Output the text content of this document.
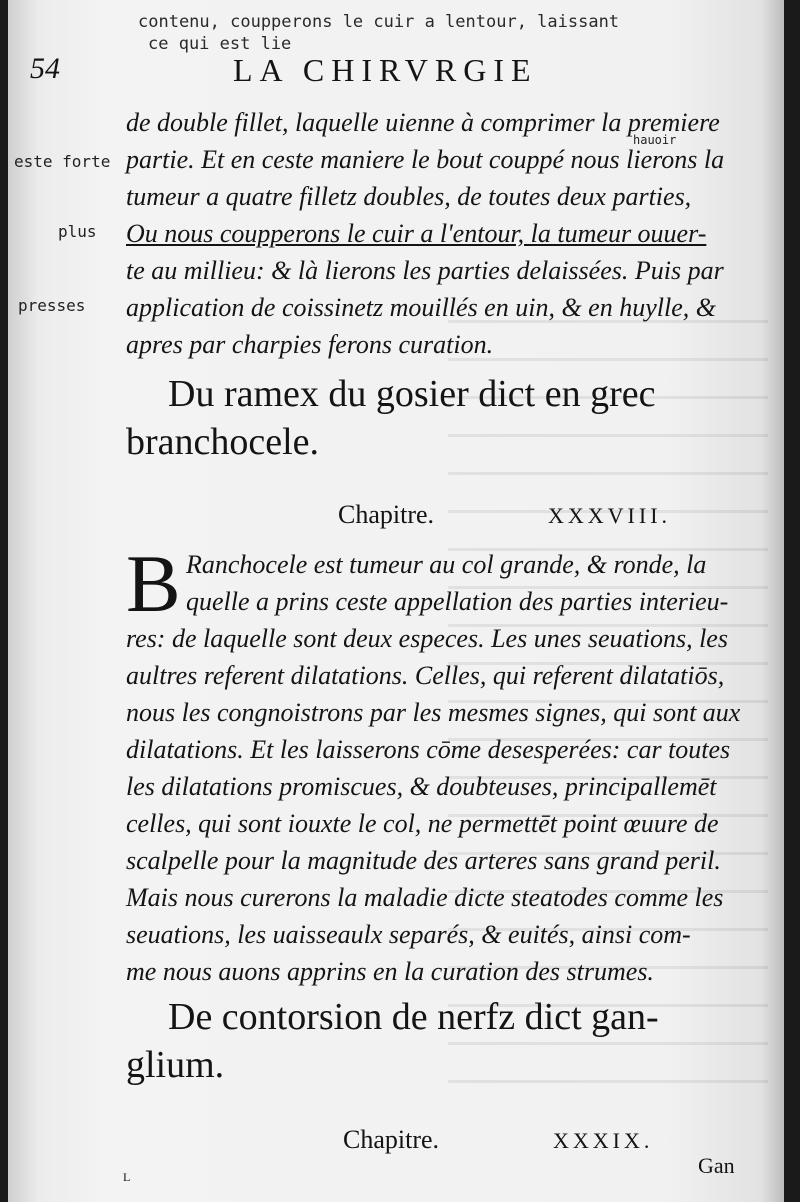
contenu, coupperons le cuir a lentour, laissant
ce qui est lie
54	LA CHIRVRGIE
de double fillet, laquelle uienne à comprimer la premiere
partie. Et en ceste maniere le bout couppé nous lierons la
tumeur a quatre filletz doubles, de toutes deux parties,
Ou nous coupperons le cuir a l'entour, la tumeur ouuer-
te au millieu: & là lierons les parties delaissées. Puis par
application de coissinetz mouillés en uin, & en huylle, &
apres par charpies ferons curation.
este forte
plus
presses
hauoir
Du ramex du gosier dict en grec
branchocele.
Chapitre.	XXXVIII.
B Ranchocele est tumeur au col grande, & ronde, la
quelle a prins ceste appellation des parties interieu-
res: de laquelle sont deux especes. Les unes seuations, les
aultres referent dilatations. Celles, qui referent dilatatiōs,
nous les congnoistrons par les mesmes signes, qui sont aux
dilatations. Et les laisserons cōme desesperées: car toutes
les dilatations promiscues, & doubteuses, principallemēt
celles, qui sont iouxte le col, ne permettēt point œuure de
scalpelle pour la magnitude des arteres sans grand peril.
Mais nous curerons la maladie dicte steatodes comme les
seuations, les uaisseaulx separés, & euités, ainsi com-
me nous auons apprins en la curation des strumes.
De contorsion de nerfz dict gan-
glium.
Chapitre.	XXXIX.
Gan
L
